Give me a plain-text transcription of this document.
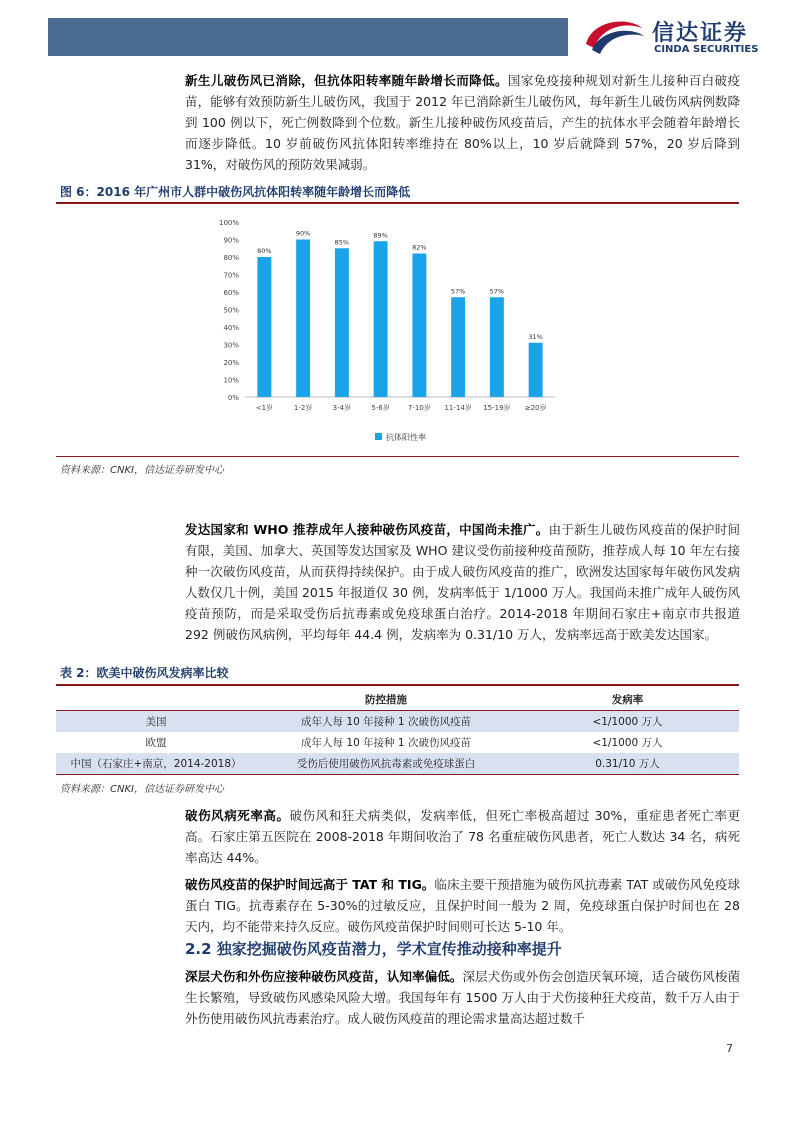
信达证券
CINDA SECURITIES
新生儿破伤风已消除，但抗体阳转率随年龄增长而降低。国家免疫接种规划对新生儿接种百白破疫苗，能够有效预防新生儿破伤风，我国于 2012 年已消除新生儿破伤风，每年新生儿破伤风病例数降到 100 例以下，死亡例数降到个位数。新生儿接种破伤风疫苗后，产生的抗体水平会随着年龄增长而逐步降低。10 岁前破伤风抗体阳转率维持在 80%以上，10 岁后就降到 57%，20 岁后降到 31%，对破伤风的预防效果减弱。
图 6：2016 年广州市人群中破伤风抗体阳转率随年龄增长而降低
80%
90%
85%
89%
82%
57%	57%
31%
<1岁	1-2岁	3-4岁	5-6岁	7-10岁 11-14岁 15-19岁 ≥20岁
0%
10%
20%
30%
40%
50%
60%
70%
80%
90%
100%
抗体阳性率
资料来源：CNKI，信达证券研发中心
发达国家和 WHO 推荐成年人接种破伤风疫苗，中国尚未推广。由于新生儿破伤风疫苗的保护时间有限，美国、加拿大、英国等发达国家及 WHO 建议受伤前接种疫苗预防，推荐成人每 10 年左右接种一次破伤风疫苗，从而获得持续保护。由于成人破伤风疫苗的推广，欧洲发达国家每年破伤风发病人数仅几十例，美国 2015 年报道仅 30 例，发病率低于 1/1000 万人。我国尚未推广成年人破伤风疫苗预防，而是采取受伤后抗毒素或免疫球蛋白治疗。2014-2018 年期间石家庄+南京市共报道 292 例破伤风病例，平均每年 44.4 例，发病率为 0.31/10 万人，发病率远高于欧美发达国家。
表 2：欧美中破伤风发病率比较
	防控措施	发病率
美国	成年人每 10 年接种 1 次破伤风疫苗	<1/1000 万人
欧盟	成年人每 10 年接种 1 次破伤风疫苗	<1/1000 万人
中国（石家庄+南京，2014-2018）	受伤后使用破伤风抗毒素或免疫球蛋白	0.31/10 万人
资料来源：CNKI，信达证券研发中心
破伤风病死率高。破伤风和狂犬病类似，发病率低，但死亡率极高超过 30%，重症患者死亡率更高。石家庄第五医院在 2008-2018 年期间收治了 78 名重症破伤风患者，死亡人数达 34 名，病死率高达 44%。
破伤风疫苗的保护时间远高于 TAT 和 TIG。临床主要干预措施为破伤风抗毒素 TAT 或破伤风免疫球蛋白 TIG。抗毒素存在 5-30%的过敏反应，且保护时间一般为 2 周，免疫球蛋白保护时间也在 28 天内，均不能带来持久反应。破伤风疫苗保护时间则可长达 5-10 年。
2.2 独家挖掘破伤风疫苗潜力，学术宣传推动接种率提升
深层犬伤和外伤应接种破伤风疫苗，认知率偏低。深层犬伤或外伤会创造厌氧环境，适合破伤风梭菌生长繁殖，导致破伤风感染风险大增。我国每年有 1500 万人由于犬伤接种狂犬疫苗，数千万人由于外伤使用破伤风抗毒素治疗。成人破伤风疫苗的理论需求量高达超过数千
7
